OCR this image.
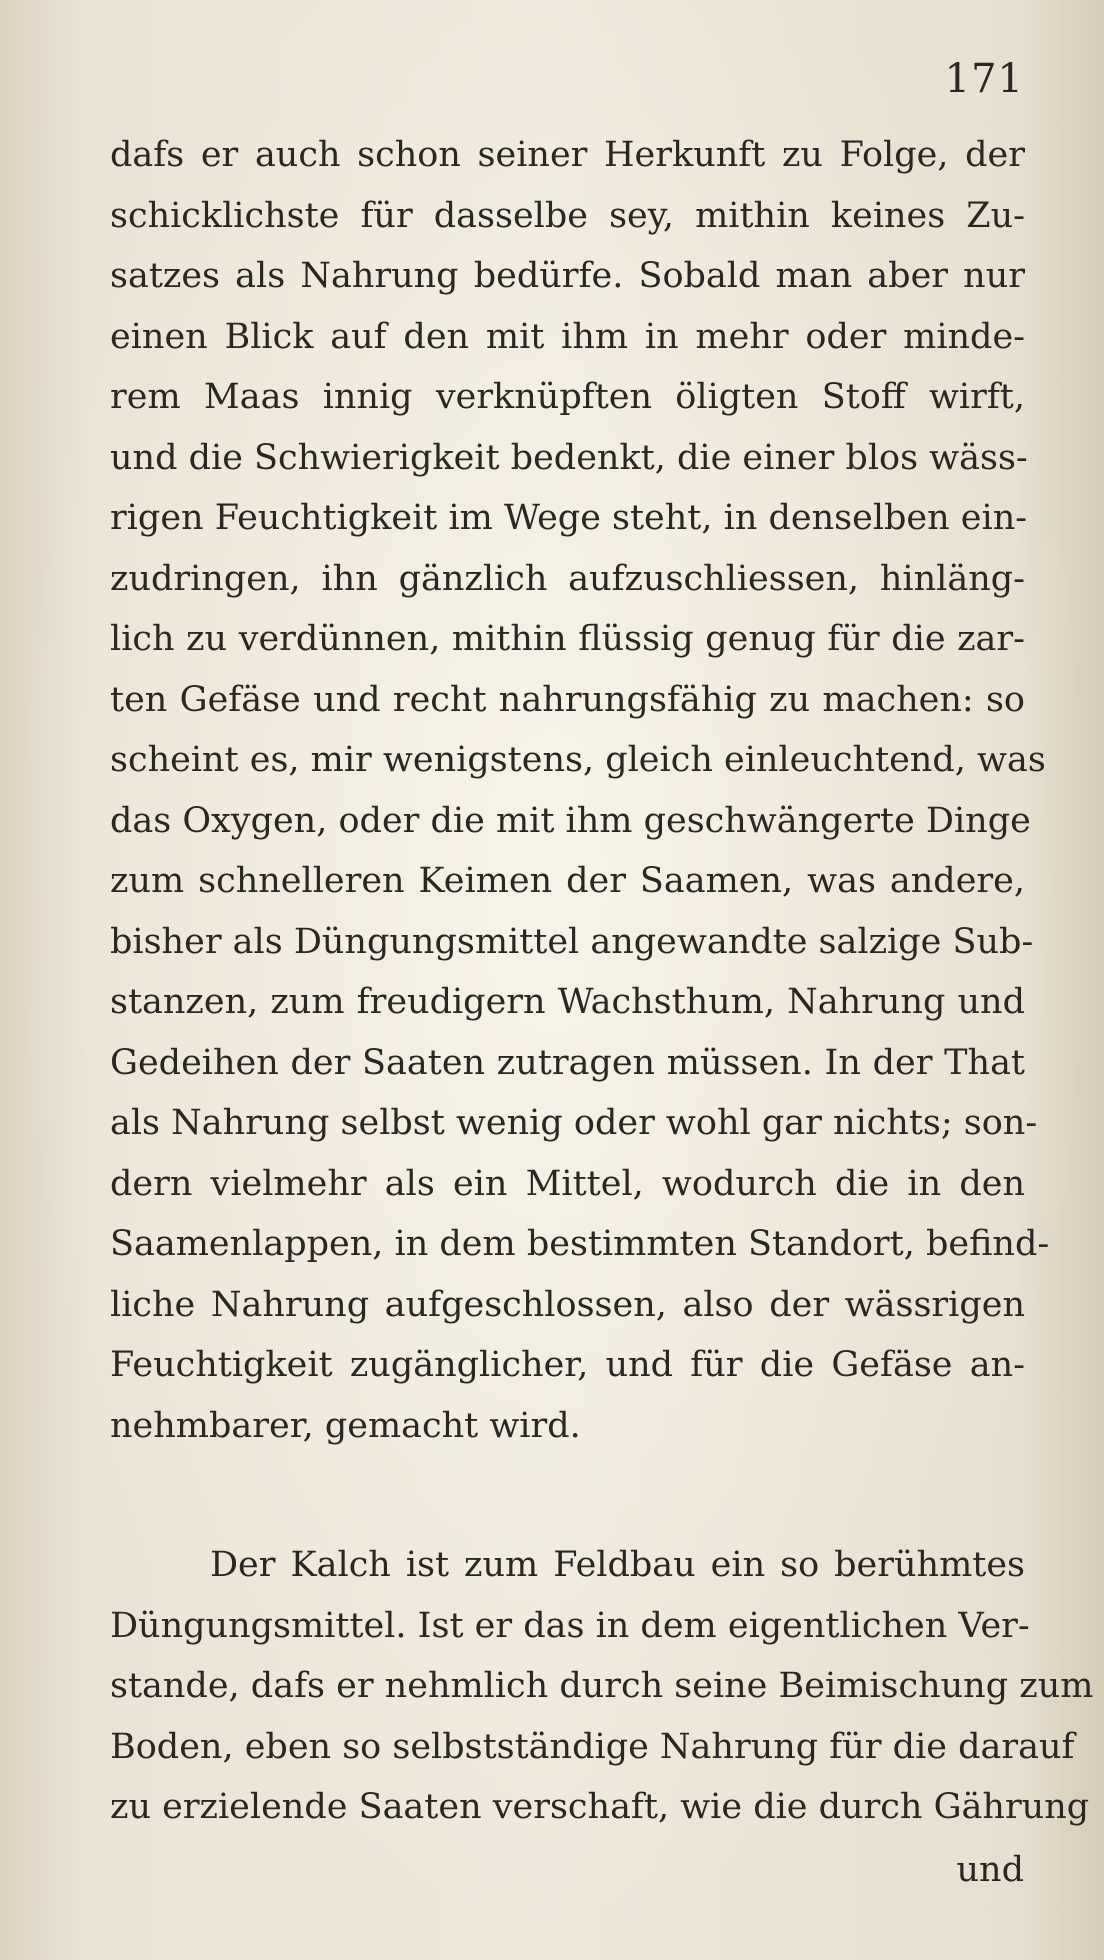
171
dafs er auch schon seiner Herkunft zu Folge, der
schicklichste für dasselbe sey, mithin keines Zu-
satzes als Nahrung bedürfe. Sobald man aber nur
einen Blick auf den mit ihm in mehr oder minde-
rem Maas innig verknüpften öligten Stoff wirft,
und die Schwierigkeit bedenkt, die einer blos wäss-
rigen Feuchtigkeit im Wege steht, in denselben ein-
zudringen, ihn gänzlich aufzuschliessen, hinläng-
lich zu verdünnen, mithin flüssig genug für die zar-
ten Gefäse und recht nahrungsfähig zu machen: so
scheint es, mir wenigstens, gleich einleuchtend, was
das Oxygen, oder die mit ihm geschwängerte Dinge
zum schnelleren Keimen der Saamen, was andere,
bisher als Düngungsmittel angewandte salzige Sub-
stanzen, zum freudigern Wachsthum, Nahrung und
Gedeihen der Saaten zutragen müssen. In der That
als Nahrung selbst wenig oder wohl gar nichts; son-
dern vielmehr als ein Mittel, wodurch die in den
Saamenlappen, in dem bestimmten Standort, befind-
liche Nahrung aufgeschlossen, also der wässrigen
Feuchtigkeit zugänglicher, und für die Gefäse an-
nehmbarer, gemacht wird.
Der Kalch ist zum Feldbau ein so berühmtes
Düngungsmittel. Ist er das in dem eigentlichen Ver-
stande, dafs er nehmlich durch seine Beimischung zum
Boden, eben so selbstständige Nahrung für die darauf
zu erzielende Saaten verschaft, wie die durch Gährung
und
